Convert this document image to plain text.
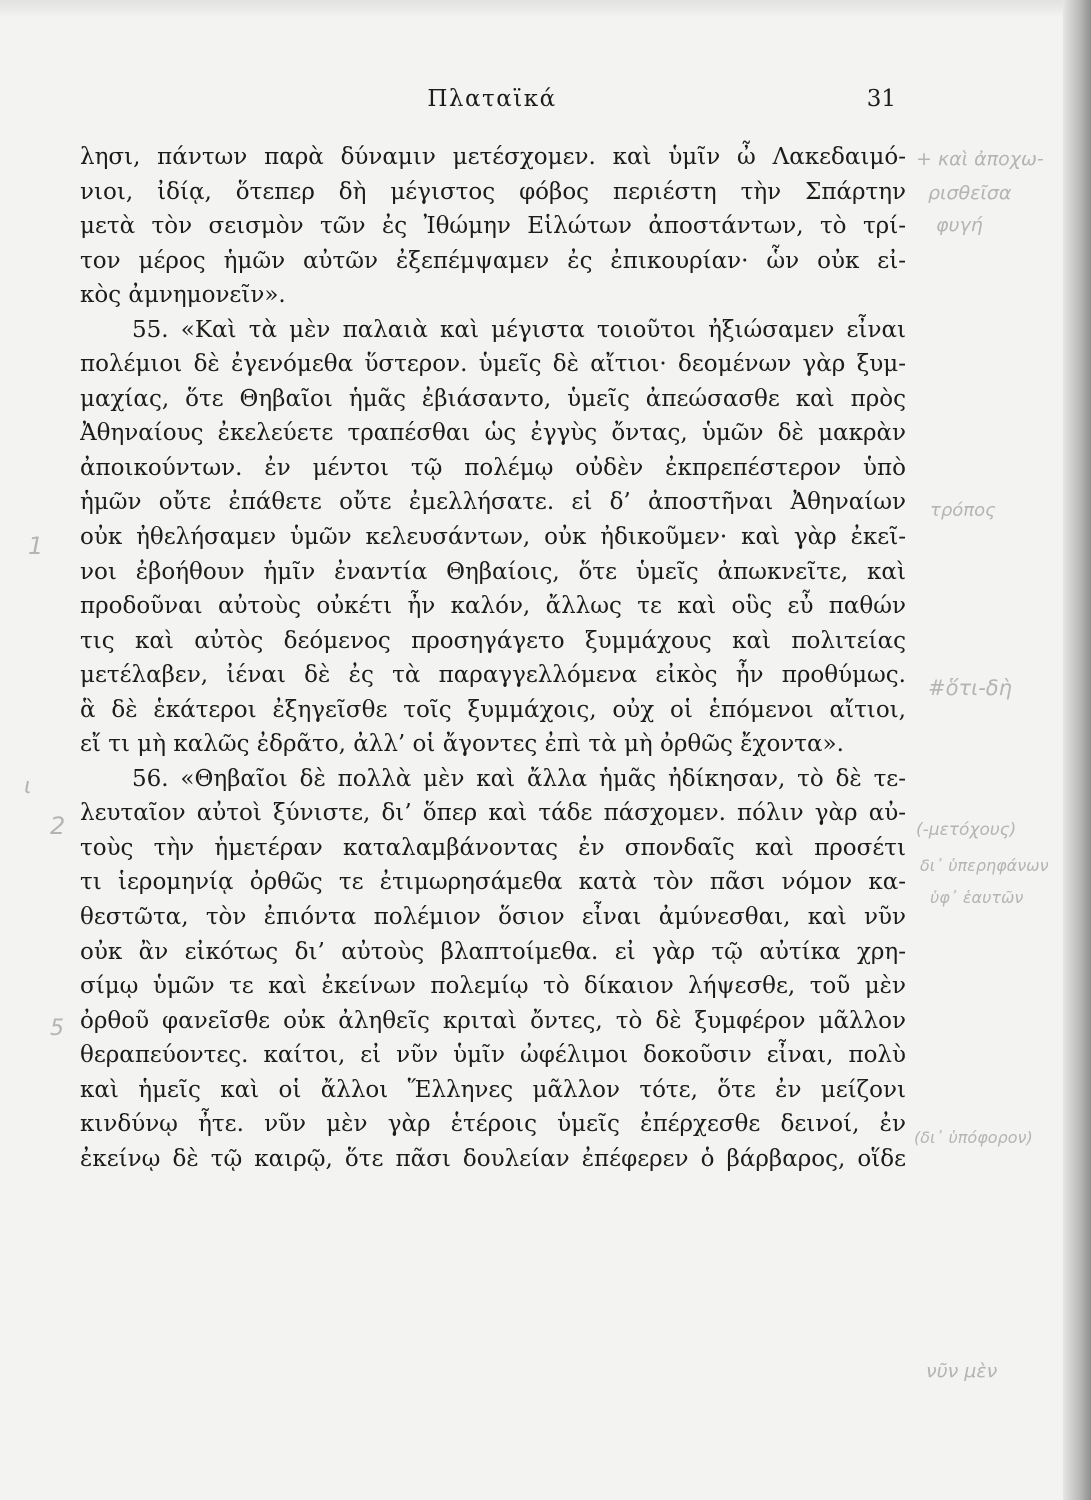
Πλαταϊκά	31
λησι, πάντων παρὰ δύναμιν μετέσχομεν. καὶ ὑμῖν ὦ Λακεδαιμό-
νιοι, ἰδίᾳ, ὅτεπερ δὴ μέγιστος φόβος περιέστη τὴν Σπάρτην
μετὰ τὸν σεισμὸν τῶν ἐς Ἰθώμην Εἱλώτων ἀποστάντων, τὸ τρί-
τον μέρος ἡμῶν αὐτῶν ἐξεπέμψαμεν ἐς ἐπικουρίαν· ὧν οὐκ εἰ-
κὸς ἀμνημονεῖν».
55. «Καὶ τὰ μὲν παλαιὰ καὶ μέγιστα τοιοῦτοι ἠξιώσαμεν εἶναι
πολέμιοι δὲ ἐγενόμεθα ὕστερον. ὑμεῖς δὲ αἴτιοι· δεομένων γὰρ ξυμ-
μαχίας, ὅτε Θηβαῖοι ἡμᾶς ἐβιάσαντο, ὑμεῖς ἀπεώσασθε καὶ πρὸς
Ἀθηναίους ἐκελεύετε τραπέσθαι ὡς ἐγγὺς ὄντας, ὑμῶν δὲ μακρὰν
ἀποικούντων. ἐν μέντοι τῷ πολέμῳ οὐδὲν ἐκπρεπέστερον ὑπὸ
ἡμῶν οὔτε ἐπάθετε οὔτε ἐμελλήσατε. εἰ δ’ ἀποστῆναι Ἀθηναίων
οὐκ ἠθελήσαμεν ὑμῶν κελευσάντων, οὐκ ἠδικοῦμεν· καὶ γὰρ ἐκεῖ-
νοι ἐβοήθουν ἡμῖν ἐναντία Θηβαίοις, ὅτε ὑμεῖς ἀπωκνεῖτε, καὶ
προδοῦναι αὐτοὺς οὐκέτι ἦν καλόν, ἄλλως τε καὶ οὓς εὖ παθών
τις καὶ αὐτὸς δεόμενος προσηγάγετο ξυμμάχους καὶ πολιτείας
μετέλαβεν, ἰέναι δὲ ἐς τὰ παραγγελλόμενα εἰκὸς ἦν προθύμως.
ἃ δὲ ἑκάτεροι ἐξηγεῖσθε τοῖς ξυμμάχοις, οὐχ οἱ ἑπόμενοι αἴτιοι,
εἴ τι μὴ καλῶς ἐδρᾶτο, ἀλλ’ οἱ ἄγοντες ἐπὶ τὰ μὴ ὀρθῶς ἔχοντα».
56. «Θηβαῖοι δὲ πολλὰ μὲν καὶ ἄλλα ἡμᾶς ἠδίκησαν, τὸ δὲ τε-
λευταῖον αὐτοὶ ξύνιστε, δι’ ὅπερ καὶ τάδε πάσχομεν. πόλιν γὰρ αὐ-
τοὺς τὴν ἡμετέραν καταλαμβάνοντας ἐν σπονδαῖς καὶ προσέτι
τι ἱερομηνίᾳ ὀρθῶς τε ἐτιμωρησάμεθα κατὰ τὸν πᾶσι νόμον κα-
θεστῶτα, τὸν ἐπιόντα πολέμιον ὅσιον εἶναι ἀμύνεσθαι, καὶ νῦν
οὐκ ἂν εἰκότως δι’ αὐτοὺς βλαπτοίμεθα. εἰ γὰρ τῷ αὐτίκα χρη-
σίμῳ ὑμῶν τε καὶ ἐκείνων πολεμίῳ τὸ δίκαιον λήψεσθε, τοῦ μὲν
ὀρθοῦ φανεῖσθε οὐκ ἀληθεῖς κριταὶ ὄντες, τὸ δὲ ξυμφέρον μᾶλλον
θεραπεύοντες. καίτοι, εἰ νῦν ὑμῖν ὠφέλιμοι δοκοῦσιν εἶναι, πολὺ
καὶ ἡμεῖς καὶ οἱ ἄλλοι Ἕλληνες μᾶλλον τότε, ὅτε ἐν μείζονι
κινδύνῳ ἦτε. νῦν μὲν γὰρ ἑτέροις ὑμεῖς ἐπέρχεσθε δεινοί, ἐν
ἐκείνῳ δὲ τῷ καιρῷ, ὅτε πᾶσι δουλείαν ἐπέφερεν ὁ βάρβαρος, οἵδε
+ καὶ ἀποχω-
ρισθεῖσα
φυγή
1
τρόπος
#ὅτι-δὴ
ι
2	(-μετόχους)
δι᾽ ὑπερηφάνων
ὑφ᾽ ἑαυτῶν
5
(δι᾽ ὑπόφορον)
νῦν μὲν
